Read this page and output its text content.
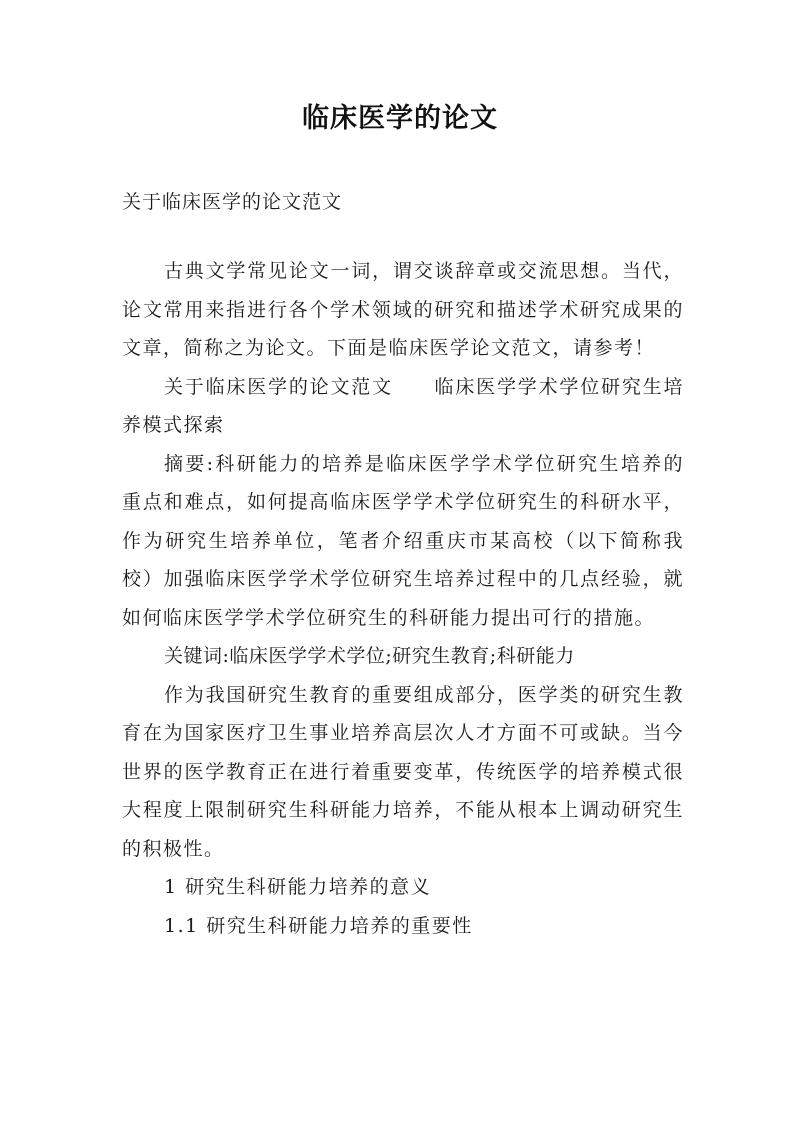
临床医学的论文
关于临床医学的论文范文

古典文学常见论文一词，谓交谈辞章或交流思想。当代，论文常用来指进行各个学术领域的研究和描述学术研究成果的文章，简称之为论文。下面是临床医学论文范文，请参考！

关于临床医学的论文范文　　临床医学学术学位研究生培养模式探索

摘要:科研能力的培养是临床医学学术学位研究生培养的重点和难点，如何提高临床医学学术学位研究生的科研水平，作为研究生培养单位，笔者介绍重庆市某高校（以下简称我校）加强临床医学学术学位研究生培养过程中的几点经验，就如何临床医学学术学位研究生的科研能力提出可行的措施。

关键词:临床医学学术学位;研究生教育;科研能力

作为我国研究生教育的重要组成部分，医学类的研究生教育在为国家医疗卫生事业培养高层次人才方面不可或缺。当今世界的医学教育正在进行着重要变革，传统医学的培养模式很大程度上限制研究生科研能力培养，不能从根本上调动研究生的积极性。

1 研究生科研能力培养的意义

1.1 研究生科研能力培养的重要性
